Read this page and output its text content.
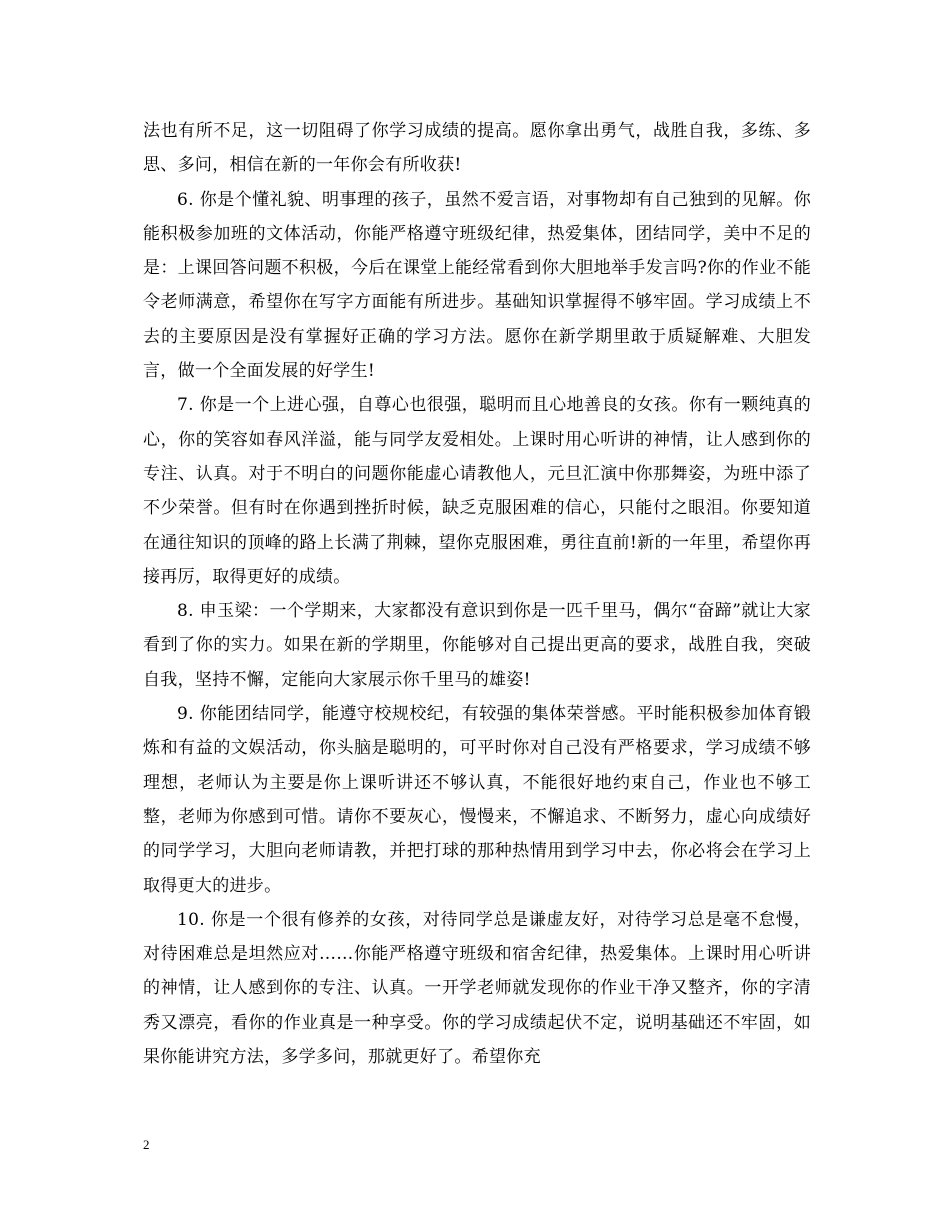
法也有所不足，这一切阻碍了你学习成绩的提高。愿你拿出勇气，战胜自我，多练、多思、多问，相信在新的一年你会有所收获!

6. 你是个懂礼貌、明事理的孩子，虽然不爱言语，对事物却有自己独到的见解。你能积极参加班的文体活动，你能严格遵守班级纪律，热爱集体，团结同学，美中不足的是：上课回答问题不积极，今后在课堂上能经常看到你大胆地举手发言吗?你的作业不能令老师满意，希望你在写字方面能有所进步。基础知识掌握得不够牢固。学习成绩上不去的主要原因是没有掌握好正确的学习方法。愿你在新学期里敢于质疑解难、大胆发言，做一个全面发展的好学生!

7. 你是一个上进心强，自尊心也很强，聪明而且心地善良的女孩。你有一颗纯真的心，你的笑容如春风洋溢，能与同学友爱相处。上课时用心听讲的神情，让人感到你的专注、认真。对于不明白的问题你能虚心请教他人，元旦汇演中你那舞姿，为班中添了不少荣誉。但有时在你遇到挫折时候，缺乏克服困难的信心，只能付之眼泪。你要知道在通往知识的顶峰的路上长满了荆棘，望你克服困难，勇往直前!新的一年里，希望你再接再厉，取得更好的成绩。

8. 申玉梁：一个学期来，大家都没有意识到你是一匹千里马，偶尔“奋蹄”就让大家看到了你的实力。如果在新的学期里，你能够对自己提出更高的要求，战胜自我，突破自我，坚持不懈，定能向大家展示你千里马的雄姿!

9. 你能团结同学，能遵守校规校纪，有较强的集体荣誉感。平时能积极参加体育锻炼和有益的文娱活动，你头脑是聪明的，可平时你对自己没有严格要求，学习成绩不够理想，老师认为主要是你上课听讲还不够认真，不能很好地约束自己，作业也不够工整，老师为你感到可惜。请你不要灰心，慢慢来，不懈追求、不断努力，虚心向成绩好的同学学习，大胆向老师请教，并把打球的那种热情用到学习中去，你必将会在学习上取得更大的进步。

10. 你是一个很有修养的女孩，对待同学总是谦虚友好，对待学习总是毫不怠慢，对待困难总是坦然应对……你能严格遵守班级和宿舍纪律，热爱集体。上课时用心听讲的神情，让人感到你的专注、认真。一开学老师就发现你的作业干净又整齐，你的字清秀又漂亮，看你的作业真是一种享受。你的学习成绩起伏不定，说明基础还不牢固，如果你能讲究方法，多学多问，那就更好了。希望你充

2
